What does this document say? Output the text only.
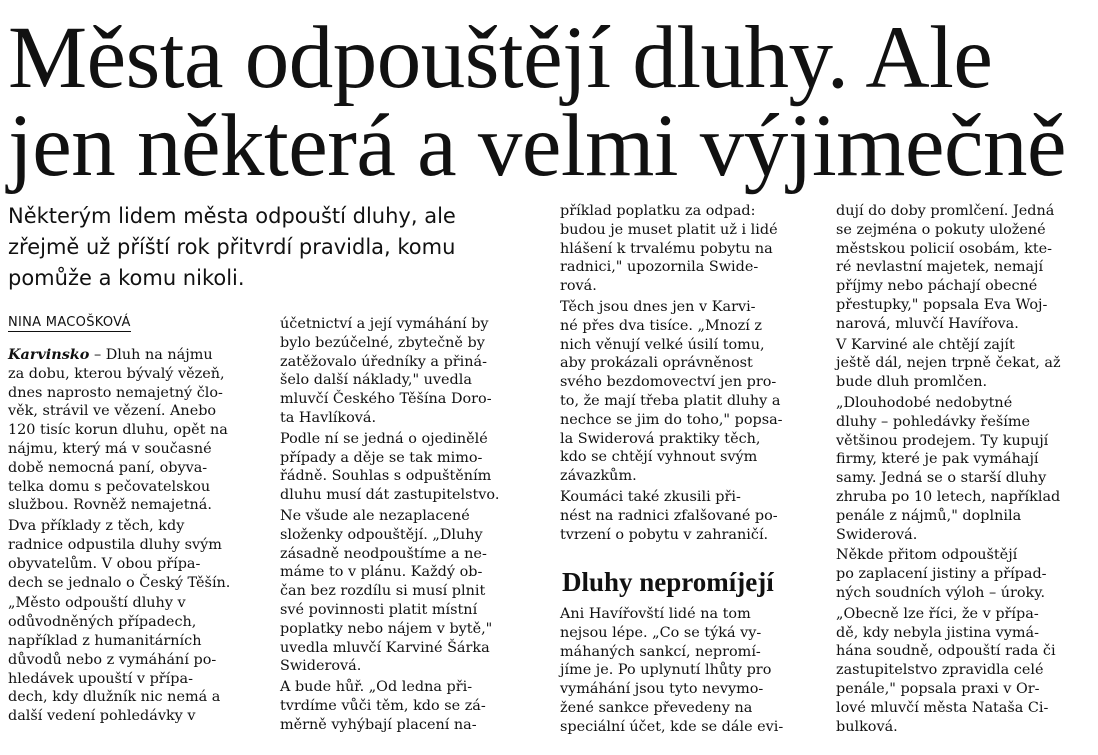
Města odpouštějí dluhy. Ale
jen některá a velmi výjimečně
Některým lidem města odpouští dluhy, ale
zřejmě už příští rok přitvrdí pravidla, komu
pomůže a komu nikoli.
NINA MACOŠKOVÁ

Karvinsko – Dluh na nájmu
za dobu, kterou bývalý vězeň,
dnes naprosto nemajetný člo-
věk, strávil ve vězení. Anebo
120 tisíc korun dluhu, opět na
nájmu, který má v současné
době nemocná paní, obyva-
telka domu s pečovatelskou
službou. Rovněž nemajetná.

Dva příklady z těch, kdy
radnice odpustila dluhy svým
obyvatelům. V obou přípa-
dech se jednalo o Český Těšín.

„Město odpouští dluhy v
odůvodněných případech,
například z humanitárních
důvodů nebo z vymáhání po-
hledávek upouští v přípa-
dech, kdy dlužník nic nemá a
další vedení pohledávky v

účetnictví a její vymáhání by
bylo bezúčelné, zbytečně by
zatěžovalo úředníky a přiná-
šelo další náklady," uvedla
mluvčí Českého Těšína Doro-
ta Havlíková.

Podle ní se jedná o ojedinělé
případy a děje se tak mimo-
řádně. Souhlas s odpuštěním
dluhu musí dát zastupitelstvo.

Ne všude ale nezaplacené
složenky odpouštějí. „Dluhy
zásadně neodpouštíme a ne-
máme to v plánu. Každý ob-
čan bez rozdílu si musí plnit
své povinnosti platit místní
poplatky nebo nájem v bytě,"
uvedla mluvčí Karviné Šárka
Swiderová.

A bude hůř. „Od ledna při-
tvrdíme vůči těm, kdo se zá-
měrně vyhýbají placení na-

příklad poplatku za odpad:
budou je muset platit už i lidé
hlášení k trvalému pobytu na
radnici," upozornila Swide-
rová.

Těch jsou dnes jen v Karvi-
né přes dva tisíce. „Mnozí z
nich věnují velké úsilí tomu,
aby prokázali oprávněnost
svého bezdomovectví jen pro-
to, že mají třeba platit dluhy a
nechce se jim do toho," popsa-
la Swiderová praktiky těch,
kdo se chtějí vyhnout svým
závazkům.

Koumáci také zkusili při-
nést na radnici zfalšované po-
tvrzení o pobytu v zahraničí.

Dluhy nepromíjejí

Ani Havířovští lidé na tom
nejsou lépe. „Co se týká vy-
máhaných sankcí, nepromí-
jíme je. Po uplynutí lhůty pro
vymáhání jsou tyto nevymo-
žené sankce převedeny na
speciální účet, kde se dále evi-

dují do doby promlčení. Jedná
se zejména o pokuty uložené
městskou policií osobám, kte-
ré nevlastní majetek, nemají
příjmy nebo páchají obecné
přestupky," popsala Eva Woj-
narová, mluvčí Havířova.

V Karviné ale chtějí zajít
ještě dál, nejen trpně čekat, až
bude dluh promlčen.

„Dlouhodobé nedobytné
dluhy – pohledávky řešíme
většinou prodejem. Ty kupují
firmy, které je pak vymáhají
samy. Jedná se o starší dluhy
zhruba po 10 letech, například
penále z nájmů," doplnila
Swiderová.

Někde přitom odpouštějí
po zaplacení jistiny a případ-
ných soudních výloh – úroky.

„Obecně lze říci, že v přípa-
dě, kdy nebyla jistina vymá-
hána soudně, odpouští rada či
zastupitelstvo zpravidla celé
penále," popsala praxi v Or-
lové mluvčí města Nataša Ci-
bulková.
